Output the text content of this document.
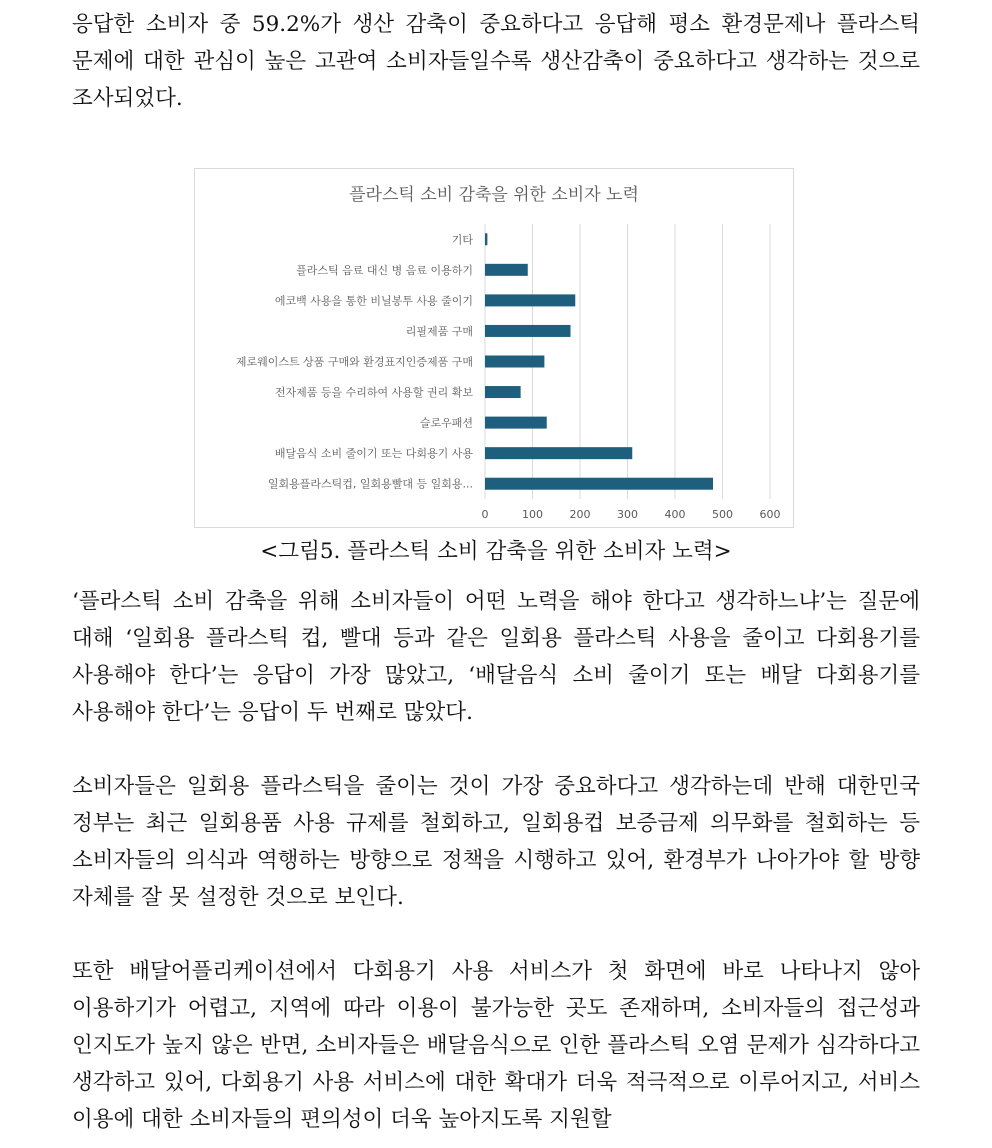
응답한 소비자 중 59.2%가 생산 감축이 중요하다고 응답해 평소 환경문제나 플라스틱 문제에 대한 관심이 높은 고관여 소비자들일수록 생산감축이 중요하다고 생각하는 것으로 조사되었다.

플라스틱 소비 감축을 위한 소비자 노력
0	100 200 300 400 500 600
기타
플라스틱 음료 대신 병 음료 이용하기
에코백 사용을 통한 비닐봉투 사용 줄이기
리필제품 구매
제로웨이스트 상품 구매와 환경표지인증제품 구매
전자제품 등을 수리하여 사용할 권리 확보
슬로우패션
배달음식 소비 줄이기 또는 다회용기 사용
일회용플라스틱컵, 일회용빨대 등 일회용...

<그림5. 플라스틱 소비 감축을 위한 소비자 노력>

‘플라스틱 소비 감축을 위해 소비자들이 어떤 노력을 해야 한다고 생각하느냐’는 질문에 대해 ‘일회용 플라스틱 컵, 빨대 등과 같은 일회용 플라스틱 사용을 줄이고 다회용기를 사용해야 한다’는 응답이 가장 많았고, ‘배달음식 소비 줄이기 또는 배달 다회용기를 사용해야 한다’는 응답이 두 번째로 많았다.

소비자들은 일회용 플라스틱을 줄이는 것이 가장 중요하다고 생각하는데 반해 대한민국 정부는 최근 일회용품 사용 규제를 철회하고, 일회용컵 보증금제 의무화를 철회하는 등 소비자들의 의식과 역행하는 방향으로 정책을 시행하고 있어, 환경부가 나아가야 할 방향 자체를 잘 못 설정한 것으로 보인다.

또한 배달어플리케이션에서 다회용기 사용 서비스가 첫 화면에 바로 나타나지 않아 이용하기가 어렵고, 지역에 따라 이용이 불가능한 곳도 존재하며, 소비자들의 접근성과 인지도가 높지 않은 반면, 소비자들은 배달음식으로 인한 플라스틱 오염 문제가 심각하다고 생각하고 있어, 다회용기 사용 서비스에 대한 확대가 더욱 적극적으로 이루어지고, 서비스 이용에 대한 소비자들의 편의성이 더욱 높아지도록 지원할
